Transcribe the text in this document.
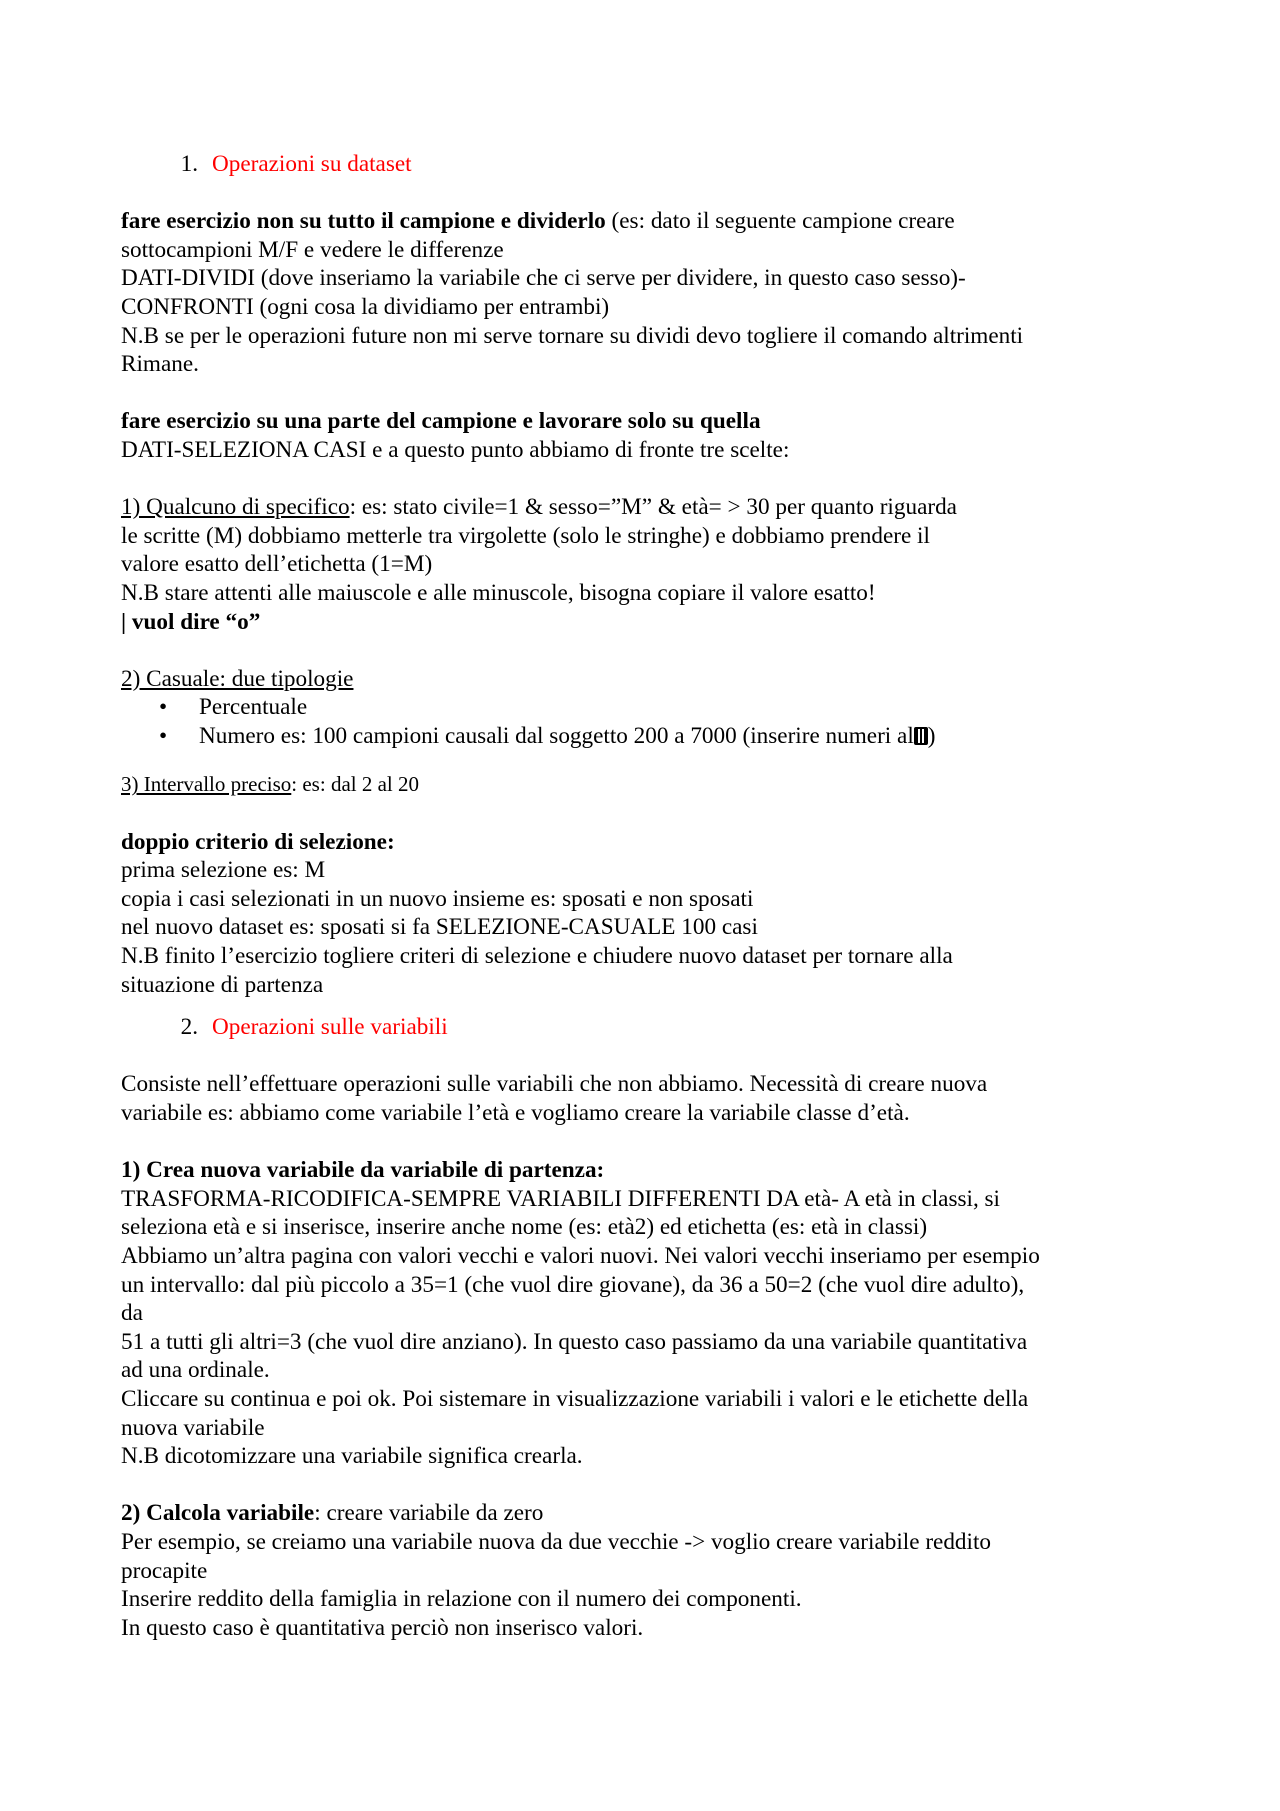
1. Operazioni su dataset
fare esercizio non su tutto il campione e dividerlo (es: dato il seguente campione creare
sottocampioni M/F e vedere le differenze
DATI-DIVIDI (dove inseriamo la variabile che ci serve per dividere, in questo caso sesso)-
CONFRONTI (ogni cosa la dividiamo per entrambi)
N.B se per le operazioni future non mi serve tornare su dividi devo togliere il comando altrimenti
Rimane.
fare esercizio su una parte del campione e lavorare solo su quella
DATI-SELEZIONA CASI e a questo punto abbiamo di fronte tre scelte:
1) Qualcuno di specifico: es: stato civile=1 & sesso=”M” & età= > 30 per quanto riguarda
le scritte (M) dobbiamo metterle tra virgolette (solo le stringhe) e dobbiamo prendere il
valore esatto dell’etichetta (1=M)
N.B stare attenti alle maiuscole e alle minuscole, bisogna copiare il valore esatto!
| vuol dire “o”
2) Casuale: due tipologie
•	Percentuale
•	Numero es: 100 campioni causali dal soggetto 200 a 7000 (inserire numeri al )
3) Intervallo preciso: es: dal 2 al 20
doppio criterio di selezione:
prima selezione es: M
copia i casi selezionati in un nuovo insieme es: sposati e non sposati
nel nuovo dataset es: sposati si fa SELEZIONE-CASUALE 100 casi
N.B finito l’esercizio togliere criteri di selezione e chiudere nuovo dataset per tornare alla
situazione di partenza
2. Operazioni sulle variabili
Consiste nell’effettuare operazioni sulle variabili che non abbiamo. Necessità di creare nuova
variabile es: abbiamo come variabile l’età e vogliamo creare la variabile classe d’età.
1) Crea nuova variabile da variabile di partenza:
TRASFORMA-RICODIFICA-SEMPRE VARIABILI DIFFERENTI DA età- A età in classi, si
seleziona età e si inserisce, inserire anche nome (es: età2) ed etichetta (es: età in classi)
Abbiamo un’altra pagina con valori vecchi e valori nuovi. Nei valori vecchi inseriamo per esempio
un intervallo: dal più piccolo a 35=1 (che vuol dire giovane), da 36 a 50=2 (che vuol dire adulto),
da
51 a tutti gli altri=3 (che vuol dire anziano). In questo caso passiamo da una variabile quantitativa
ad una ordinale.
Cliccare su continua e poi ok. Poi sistemare in visualizzazione variabili i valori e le etichette della
nuova variabile
N.B dicotomizzare una variabile significa crearla.
2) Calcola variabile: creare variabile da zero
Per esempio, se creiamo una variabile nuova da due vecchie -> voglio creare variabile reddito
procapite
Inserire reddito della famiglia in relazione con il numero dei componenti.
In questo caso è quantitativa perciò non inserisco valori.
